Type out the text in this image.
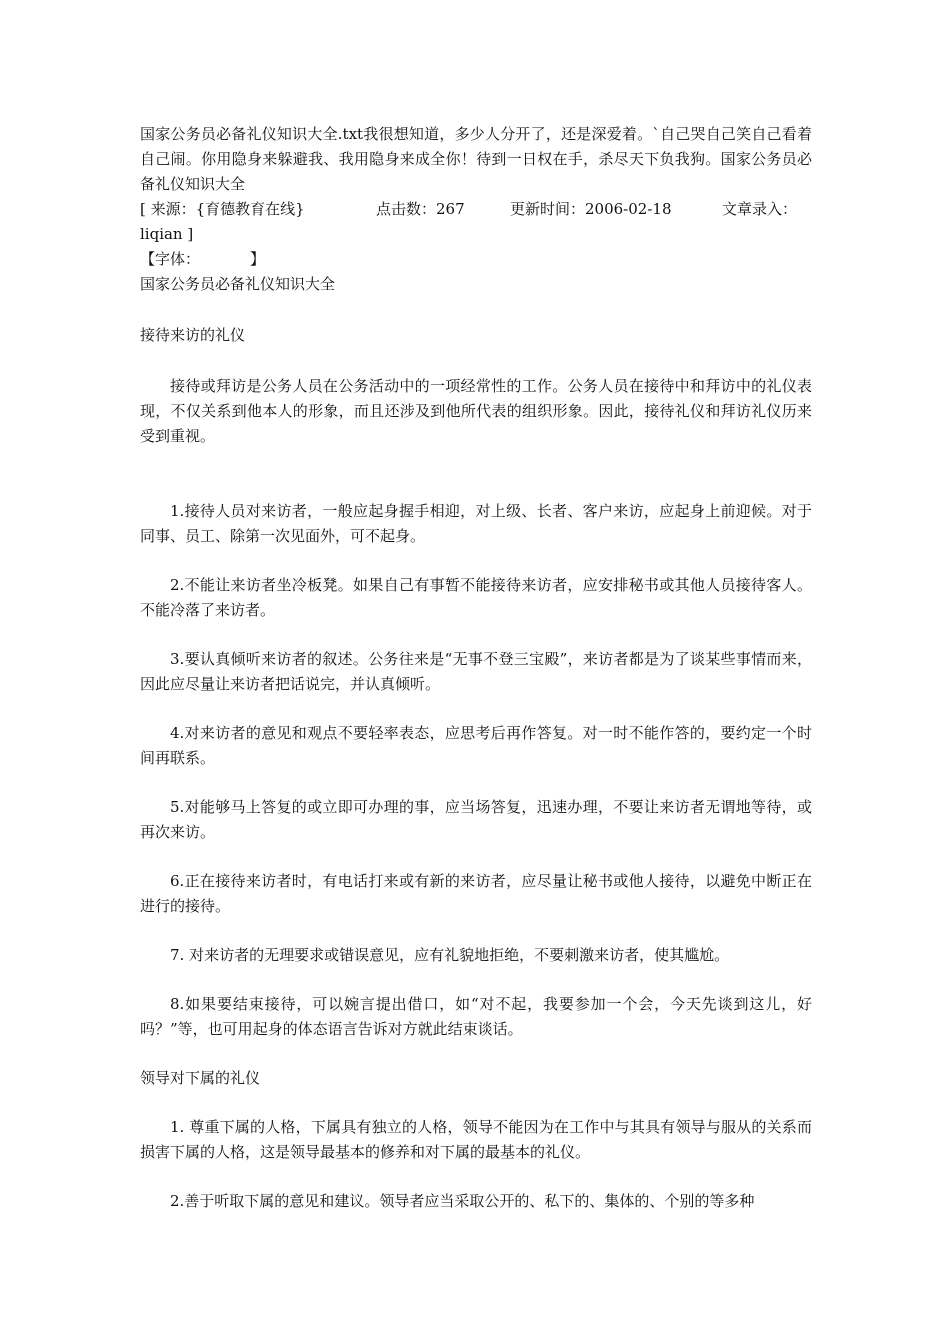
国家公务员必备礼仪知识大全.txt我很想知道，多少人分开了，还是深爱着。ˋ自己哭自己笑自己看着自己闹。你用隐身来躲避我、我用隐身来成全你！待到一日权在手，杀尽天下负我狗。国家公务员必备礼仪知识大全

[ 来源：{育德教育在线}	点击数：267	更新时间：2006-02-18	文章录入：

liqian ]

【字体：	】

国家公务员必备礼仪知识大全

接待来访的礼仪

接待或拜访是公务人员在公务活动中的一项经常性的工作。公务人员在接待中和拜访中的礼仪表现，不仅关系到他本人的形象，而且还涉及到他所代表的组织形象。因此，接待礼仪和拜访礼仪历来受到重视。

1.接待人员对来访者，一般应起身握手相迎，对上级、长者、客户来访，应起身上前迎候。对于同事、员工、除第一次见面外，可不起身。

2.不能让来访者坐冷板凳。如果自己有事暂不能接待来访者，应安排秘书或其他人员接待客人。不能冷落了来访者。

3.要认真倾听来访者的叙述。公务往来是“无事不登三宝殿”，来访者都是为了谈某些事情而来，因此应尽量让来访者把话说完，并认真倾听。

4.对来访者的意见和观点不要轻率表态，应思考后再作答复。对一时不能作答的，要约定一个时间再联系。

5.对能够马上答复的或立即可办理的事，应当场答复，迅速办理，不要让来访者无谓地等待，或再次来访。

6.正在接待来访者时，有电话打来或有新的来访者，应尽量让秘书或他人接待，以避免中断正在进行的接待。

7. 对来访者的无理要求或错误意见，应有礼貌地拒绝，不要刺激来访者，使其尴尬。

8.如果要结束接待，可以婉言提出借口，如“对不起，我要参加一个会，今天先谈到这儿，好吗？”等，也可用起身的体态语言告诉对方就此结束谈话。

领导对下属的礼仪

1. 尊重下属的人格，下属具有独立的人格，领导不能因为在工作中与其具有领导与服从的关系而损害下属的人格，这是领导最基本的修养和对下属的最基本的礼仪。

2.善于听取下属的意见和建议。领导者应当采取公开的、私下的、集体的、个别的等多种
